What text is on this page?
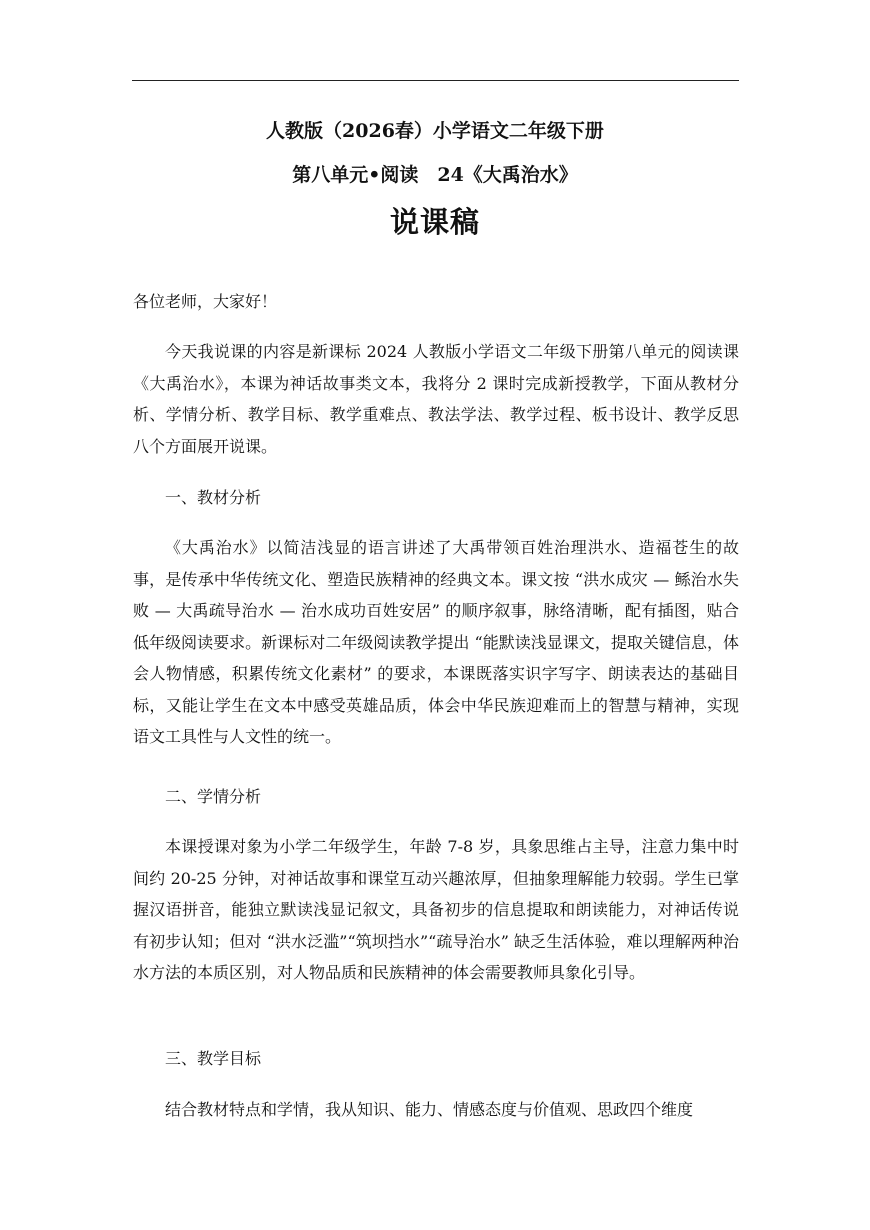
人教版（2026春）小学语文二年级下册
第八单元•阅读　24《大禹治水》
说课稿

各位老师，大家好！

今天我说课的内容是新课标 2024 人教版小学语文二年级下册第八单元的阅读课《大禹治水》，本课为神话故事类文本，我将分 2 课时完成新授教学，下面从教材分析、学情分析、教学目标、教学重难点、教法学法、教学过程、板书设计、教学反思八个方面展开说课。

一、教材分析

《大禹治水》以简洁浅显的语言讲述了大禹带领百姓治理洪水、造福苍生的故事，是传承中华传统文化、塑造民族精神的经典文本。课文按 “洪水成灾 — 鲧治水失败 — 大禹疏导治水 — 治水成功百姓安居” 的顺序叙事，脉络清晰，配有插图，贴合低年级阅读要求。新课标对二年级阅读教学提出 “能默读浅显课文，提取关键信息，体会人物情感，积累传统文化素材” 的要求，本课既落实识字写字、朗读表达的基础目标，又能让学生在文本中感受英雄品质，体会中华民族迎难而上的智慧与精神，实现语文工具性与人文性的统一。

二、学情分析

本课授课对象为小学二年级学生，年龄 7-8 岁，具象思维占主导，注意力集中时间约 20-25 分钟，对神话故事和课堂互动兴趣浓厚，但抽象理解能力较弱。学生已掌握汉语拼音，能独立默读浅显记叙文，具备初步的信息提取和朗读能力，对神话传说有初步认知；但对 “洪水泛滥”“筑坝挡水”“疏导治水” 缺乏生活体验，难以理解两种治水方法的本质区别，对人物品质和民族精神的体会需要教师具象化引导。

三、教学目标

结合教材特点和学情，我从知识、能力、情感态度与价值观、思政四个维度
